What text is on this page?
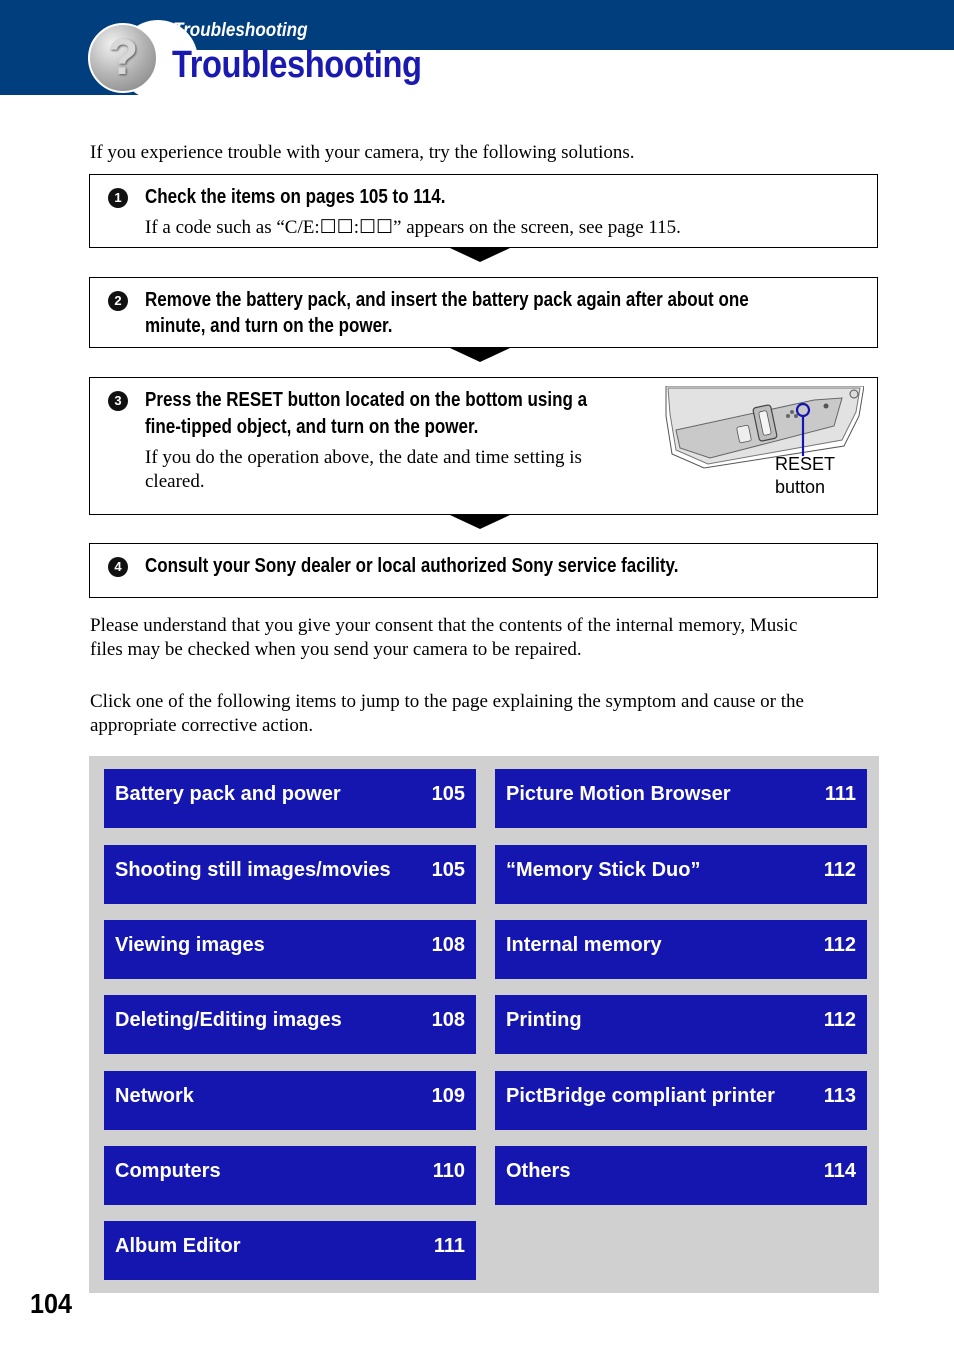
?	Troubleshooting
Troubleshooting
If you experience trouble with your camera, try the following solutions.
1	Check the items on pages 105 to 114.
If a code such as “C/E:☐☐:☐☐” appears on the screen, see page 115.
2	Remove the battery pack, and insert the battery pack again after about one
minute, and turn on the power.
3	Press the RESET button located on the bottom using a
fine-tipped object, and turn on the power.
If you do the operation above, the date and time setting is
cleared.
RESET
button
4	Consult your Sony dealer or local authorized Sony service facility.
Please understand that you give your consent that the contents of the internal memory, Music
files may be checked when you send your camera to be repaired.
Click one of the following items to jump to the page explaining the symptom and cause or the
appropriate corrective action.
Battery pack and power	105
Shooting still images/movies 105
Viewing images	108
Deleting/Editing images	108
Network	109
Computers	110
Album Editor	111
Picture Motion Browser	111
“Memory Stick Duo”	112
Internal memory	112
Printing	112
PictBridge compliant printer 113
Others	114
104
